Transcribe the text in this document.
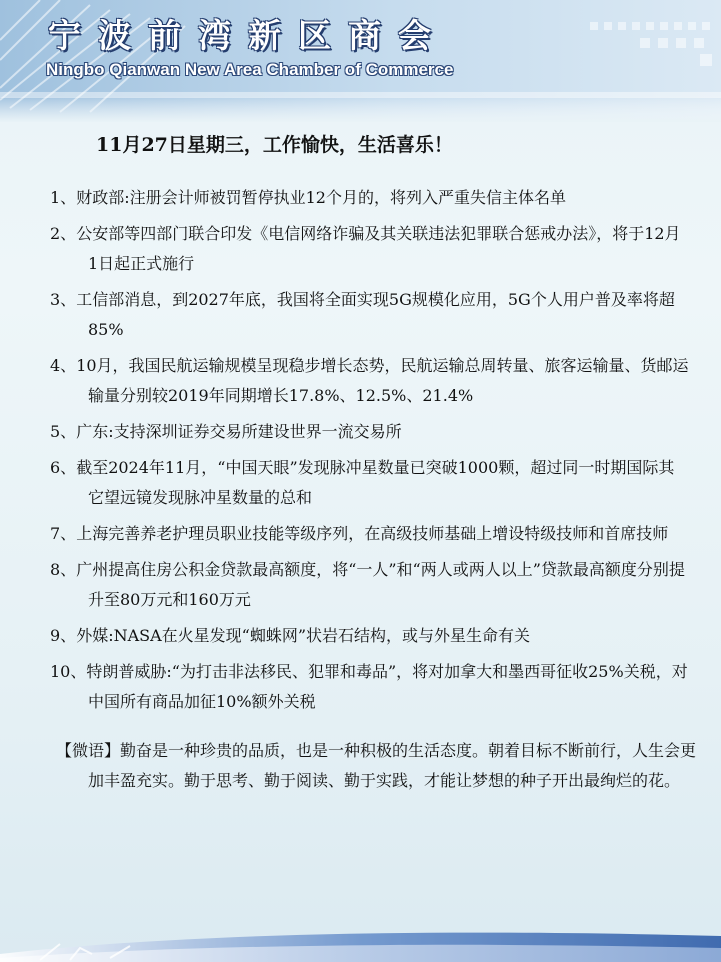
宁波前湾新区商会
Ningbo Qianwan New Area Chamber of Commerce
11月27日星期三，工作愉快，生活喜乐！
1、财政部:注册会计师被罚暂停执业12个月的，将列入严重失信主体名单
2、公安部等四部门联合印发《电信网络诈骗及其关联违法犯罪联合惩戒办法》，将于12月1日起正式施行
3、工信部消息，到2027年底，我国将全面实现5G规模化应用，5G个人用户普及率将超85%
4、10月，我国民航运输规模呈现稳步增长态势，民航运输总周转量、旅客运输量、货邮运输量分别较2019年同期增长17.8%、12.5%、21.4%
5、广东:支持深圳证券交易所建设世界一流交易所
6、截至2024年11月，“中国天眼”发现脉冲星数量已突破1000颗，超过同一时期国际其它望远镜发现脉冲星数量的总和
7、上海完善养老护理员职业技能等级序列，在高级技师基础上增设特级技师和首席技师
8、广州提高住房公积金贷款最高额度，将“一人”和“两人或两人以上”贷款最高额度分别提升至80万元和160万元
9、外媒:NASA在火星发现“蜘蛛网”状岩石结构，或与外星生命有关
10、特朗普威胁:“为打击非法移民、犯罪和毒品”，将对加拿大和墨西哥征收25%关税，对中国所有商品加征10%额外关税
【微语】勤奋是一种珍贵的品质，也是一种积极的生活态度。朝着目标不断前行，人生会更加丰盈充实。勤于思考、勤于阅读、勤于实践，才能让梦想的种子开出最绚烂的花。
